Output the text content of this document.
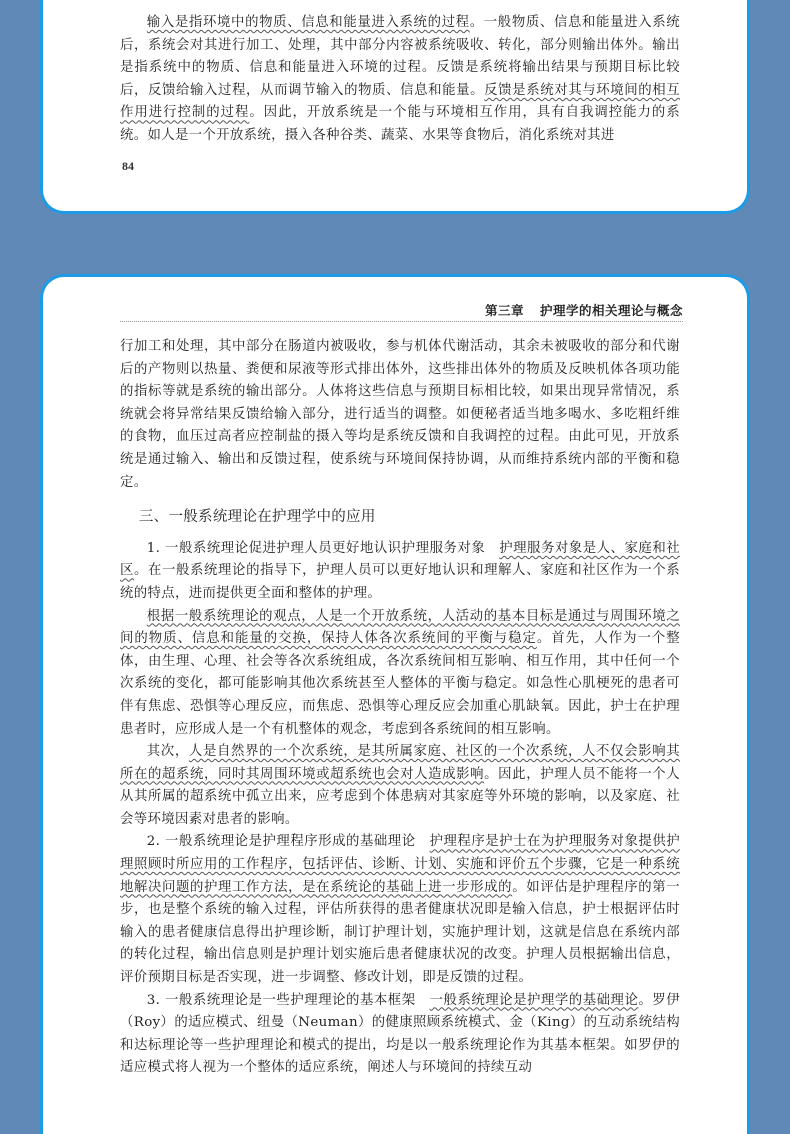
输入是指环境中的物质、信息和能量进入系统的过程。一般物质、信息和能量进入系统后，系统会对其进行加工、处理，其中部分内容被系统吸收、转化，部分则输出体外。输出是指系统中的物质、信息和能量进入环境的过程。反馈是系统将输出结果与预期目标比较后，反馈给输入过程，从而调节输入的物质、信息和能量。反馈是系统对其与环境间的相互作用进行控制的过程。因此，开放系统是一个能与环境相互作用，具有自我调控能力的系统。如人是一个开放系统，摄入各种谷类、蔬菜、水果等食物后，消化系统对其进

84
第三章 护理学的相关理论与概念

行加工和处理，其中部分在肠道内被吸收，参与机体代谢活动，其余未被吸收的部分和代谢后的产物则以热量、粪便和尿液等形式排出体外，这些排出体外的物质及反映机体各项功能的指标等就是系统的输出部分。人体将这些信息与预期目标相比较，如果出现异常情况，系统就会将异常结果反馈给输入部分，进行适当的调整。如便秘者适当地多喝水、多吃粗纤维的食物，血压过高者应控制盐的摄入等均是系统反馈和自我调控的过程。由此可见，开放系统是通过输入、输出和反馈过程，使系统与环境间保持协调，从而维持系统内部的平衡和稳定。

三、一般系统理论在护理学中的应用

1. 一般系统理论促进护理人员更好地认识护理服务对象　护理服务对象是人、家庭和社区。在一般系统理论的指导下，护理人员可以更好地认识和理解人、家庭和社区作为一个系统的特点，进而提供更全面和整体的护理。

根据一般系统理论的观点，人是一个开放系统，人活动的基本目标是通过与周围环境之间的物质、信息和能量的交换，保持人体各次系统间的平衡与稳定。首先，人作为一个整体，由生理、心理、社会等各次系统组成，各次系统间相互影响、相互作用，其中任何一个次系统的变化，都可能影响其他次系统甚至人整体的平衡与稳定。如急性心肌梗死的患者可伴有焦虑、恐惧等心理反应，而焦虑、恐惧等心理反应会加重心肌缺氧。因此，护士在护理患者时，应形成人是一个有机整体的观念，考虑到各系统间的相互影响。

其次，人是自然界的一个次系统，是其所属家庭、社区的一个次系统，人不仅会影响其所在的超系统，同时其周围环境或超系统也会对人造成影响。因此，护理人员不能将一个人从其所属的超系统中孤立出来，应考虑到个体患病对其家庭等外环境的影响，以及家庭、社会等环境因素对患者的影响。

2. 一般系统理论是护理程序形成的基础理论　护理程序是护士在为护理服务对象提供护理照顾时所应用的工作程序，包括评估、诊断、计划、实施和评价五个步骤，它是一种系统地解决问题的护理工作方法，是在系统论的基础上进一步形成的。如评估是护理程序的第一步，也是整个系统的输入过程，评估所获得的患者健康状况即是输入信息，护士根据评估时输入的患者健康信息得出护理诊断，制订护理计划，实施护理计划，这就是信息在系统内部的转化过程，输出信息则是护理计划实施后患者健康状况的改变。护理人员根据输出信息，评价预期目标是否实现，进一步调整、修改计划，即是反馈的过程。

3. 一般系统理论是一些护理理论的基本框架　一般系统理论是护理学的基础理论。罗伊（Roy）的适应模式、纽曼（Neuman）的健康照顾系统模式、金（King）的互动系统结构和达标理论等一些护理理论和模式的提出，均是以一般系统理论作为其基本框架。如罗伊的适应模式将人视为一个整体的适应系统，阐述人与环境间的持续互动
